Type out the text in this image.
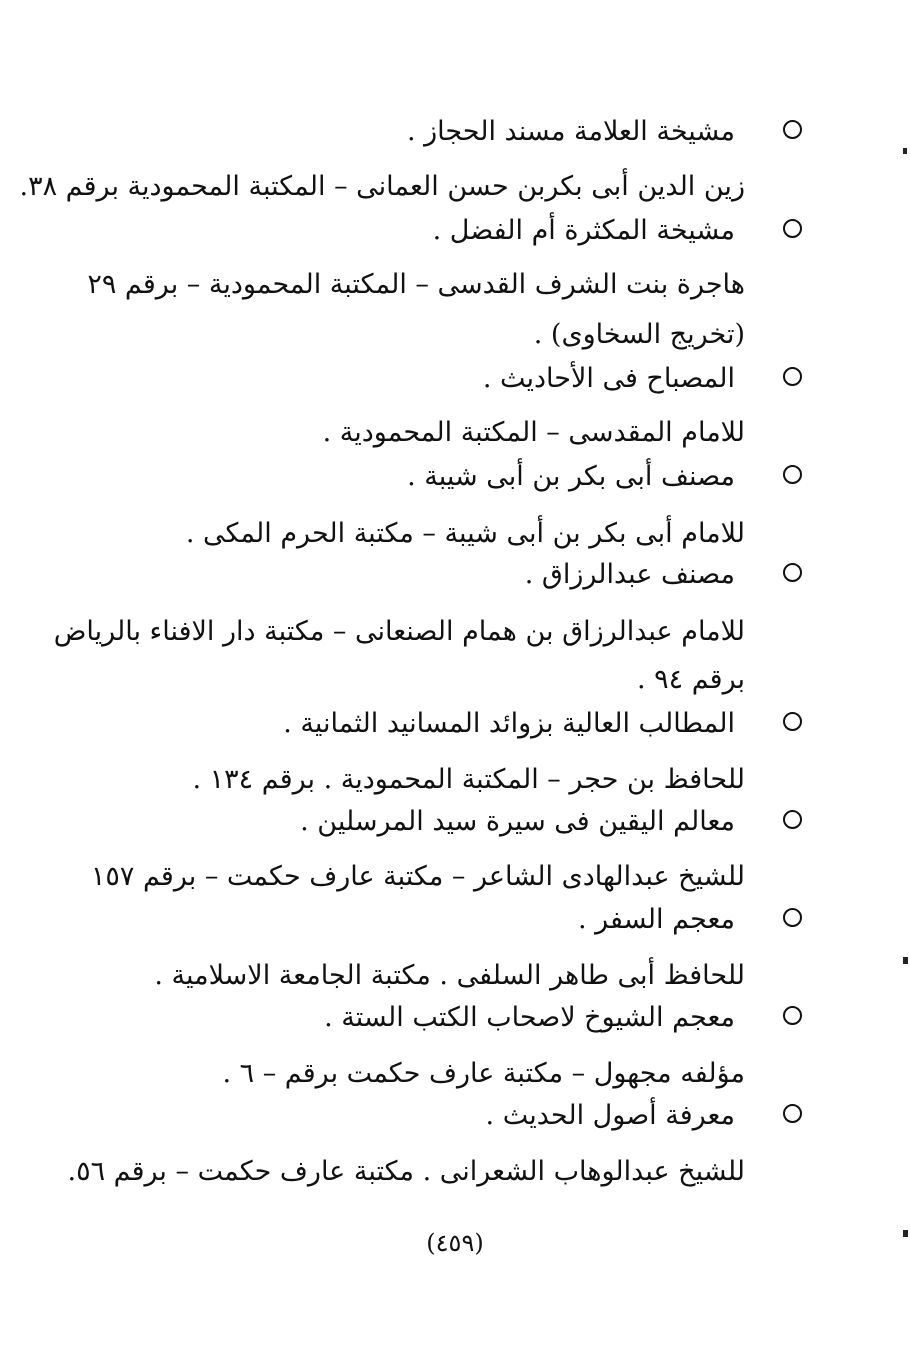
مشيخة العلامة مسند الحجاز .
زين الدين أبى بكربن حسن العمانى – المكتبة المحمودية برقم ٣٨.
مشيخة المكثرة أم الفضل .
هاجرة بنت الشرف القدسى – المكتبة المحمودية – برقم ٢٩
(تخريج السخاوى) .
المصباح فى الأحاديث .
للامام المقدسى – المكتبة المحمودية .
مصنف أبى بكر بن أبى شيبة .
للامام أبى بكر بن أبى شيبة – مكتبة الحرم المكى .
مصنف عبدالرزاق .
للامام عبدالرزاق بن همام الصنعانى – مكتبة دار الافناء بالرياض
برقم ٩٤ .
المطالب العالية بزوائد المسانيد الثمانية .
للحافظ بن حجر – المكتبة المحمودية . برقم ١٣٤ .
معالم اليقين فى سيرة سيد المرسلين .
للشيخ عبدالهادى الشاعر – مكتبة عارف حكمت – برقم ١٥٧
معجم السفر .
للحافظ أبى طاهر السلفى . مكتبة الجامعة الاسلامية .
معجم الشيوخ لاصحاب الكتب الستة .
مؤلفه مجهول – مكتبة عارف حكمت برقم – ٦ .
معرفة أصول الحديث .
للشيخ عبدالوهاب الشعرانى . مكتبة عارف حكمت – برقم ٥٦.
(٤٥٩)
